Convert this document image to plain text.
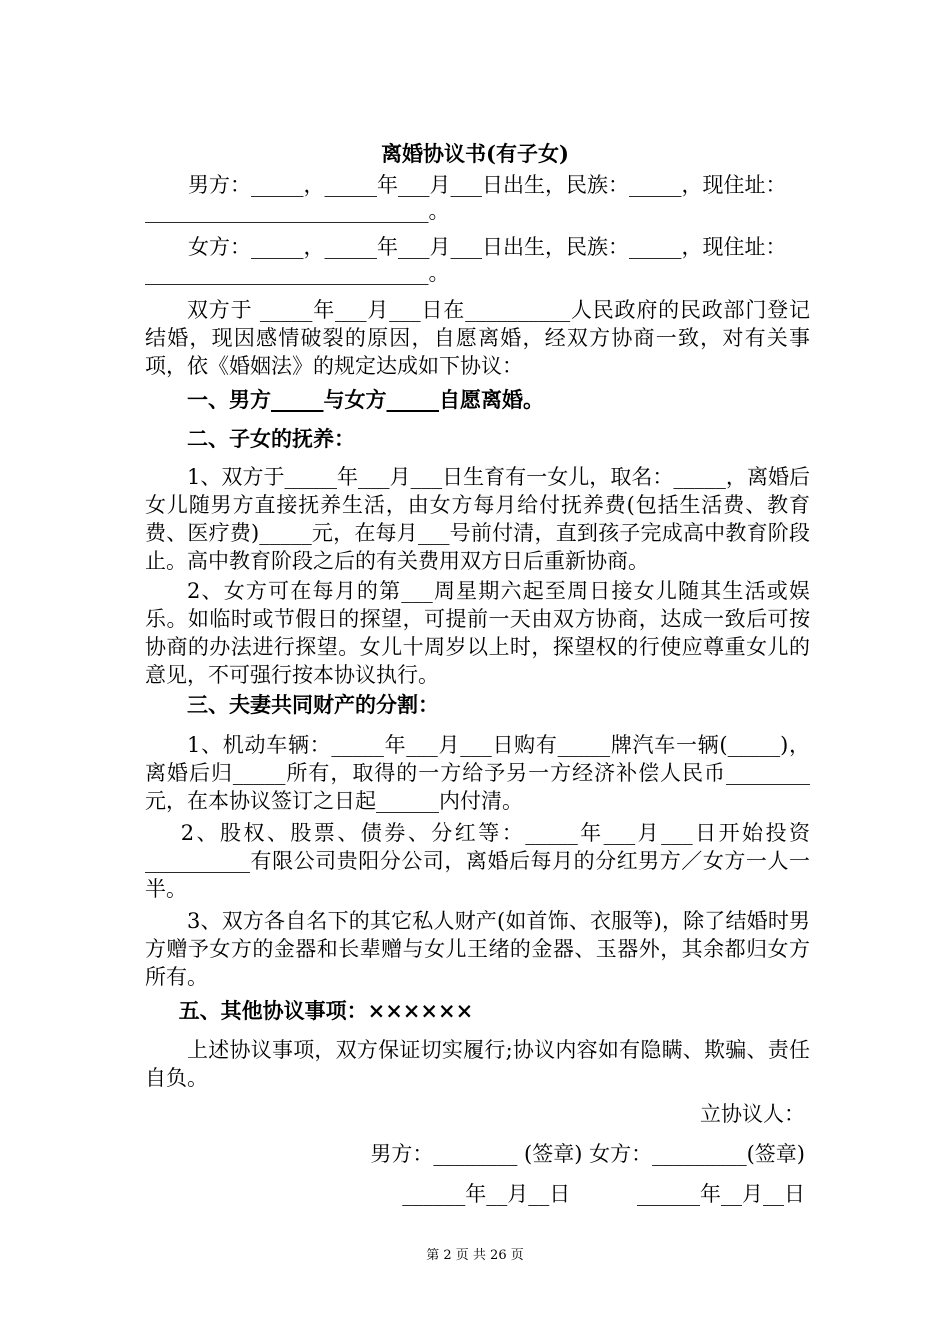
离婚协议书(有子女)
男方：_____，_____年___月___日出生，民族：_____，现住址：
___________________________。
女方：_____，_____年___月___日出生，民族：_____，现住址：
___________________________。
双方于 _____年___月___日在__________人民政府的民政部门登记结婚，现因感情破裂的原因，自愿离婚，经双方协商一致，对有关事项，依《婚姻法》的规定达成如下协议：
一、男方_____与女方_____自愿离婚。
二、子女的抚养：
1、双方于_____年___月___日生育有一女儿，取名：_____，离婚后女儿随男方直接抚养生活，由女方每月给付抚养费(包括生活费、教育费、医疗费)_____元，在每月___号前付清，直到孩子完成高中教育阶段止。高中教育阶段之后的有关费用双方日后重新协商。
2、女方可在每月的第___周星期六起至周日接女儿随其生活或娱乐。如临时或节假日的探望，可提前一天由双方协商，达成一致后可按协商的办法进行探望。女儿十周岁以上时，探望权的行使应尊重女儿的意见，不可强行按本协议执行。
三、夫妻共同财产的分割：
1、机动车辆：_____年___月___日购有_____牌汽车一辆(_____)，离婚后归_____所有，取得的一方给予另一方经济补偿人民币________元，在本协议签订之日起______内付清。
2、股权、股票、债券、分红等：_____年___月___日开始投资__________有限公司贵阳分公司，离婚后每月的分红男方／女方一人一半。
3、双方各自名下的其它私人财产(如首饰、衣服等)，除了结婚时男方赠予女方的金器和长辈赠与女儿王绪的金器、玉器外，其余都归女方所有。
五、其他协议事项：××××××
上述协议事项，双方保证切实履行;协议内容如有隐瞒、欺骗、责任自负。
立协议人：
男方：________ (签章) 女方：_________(签章)
______年__月__日          ______年__月__日
第 2 页 共 26 页
